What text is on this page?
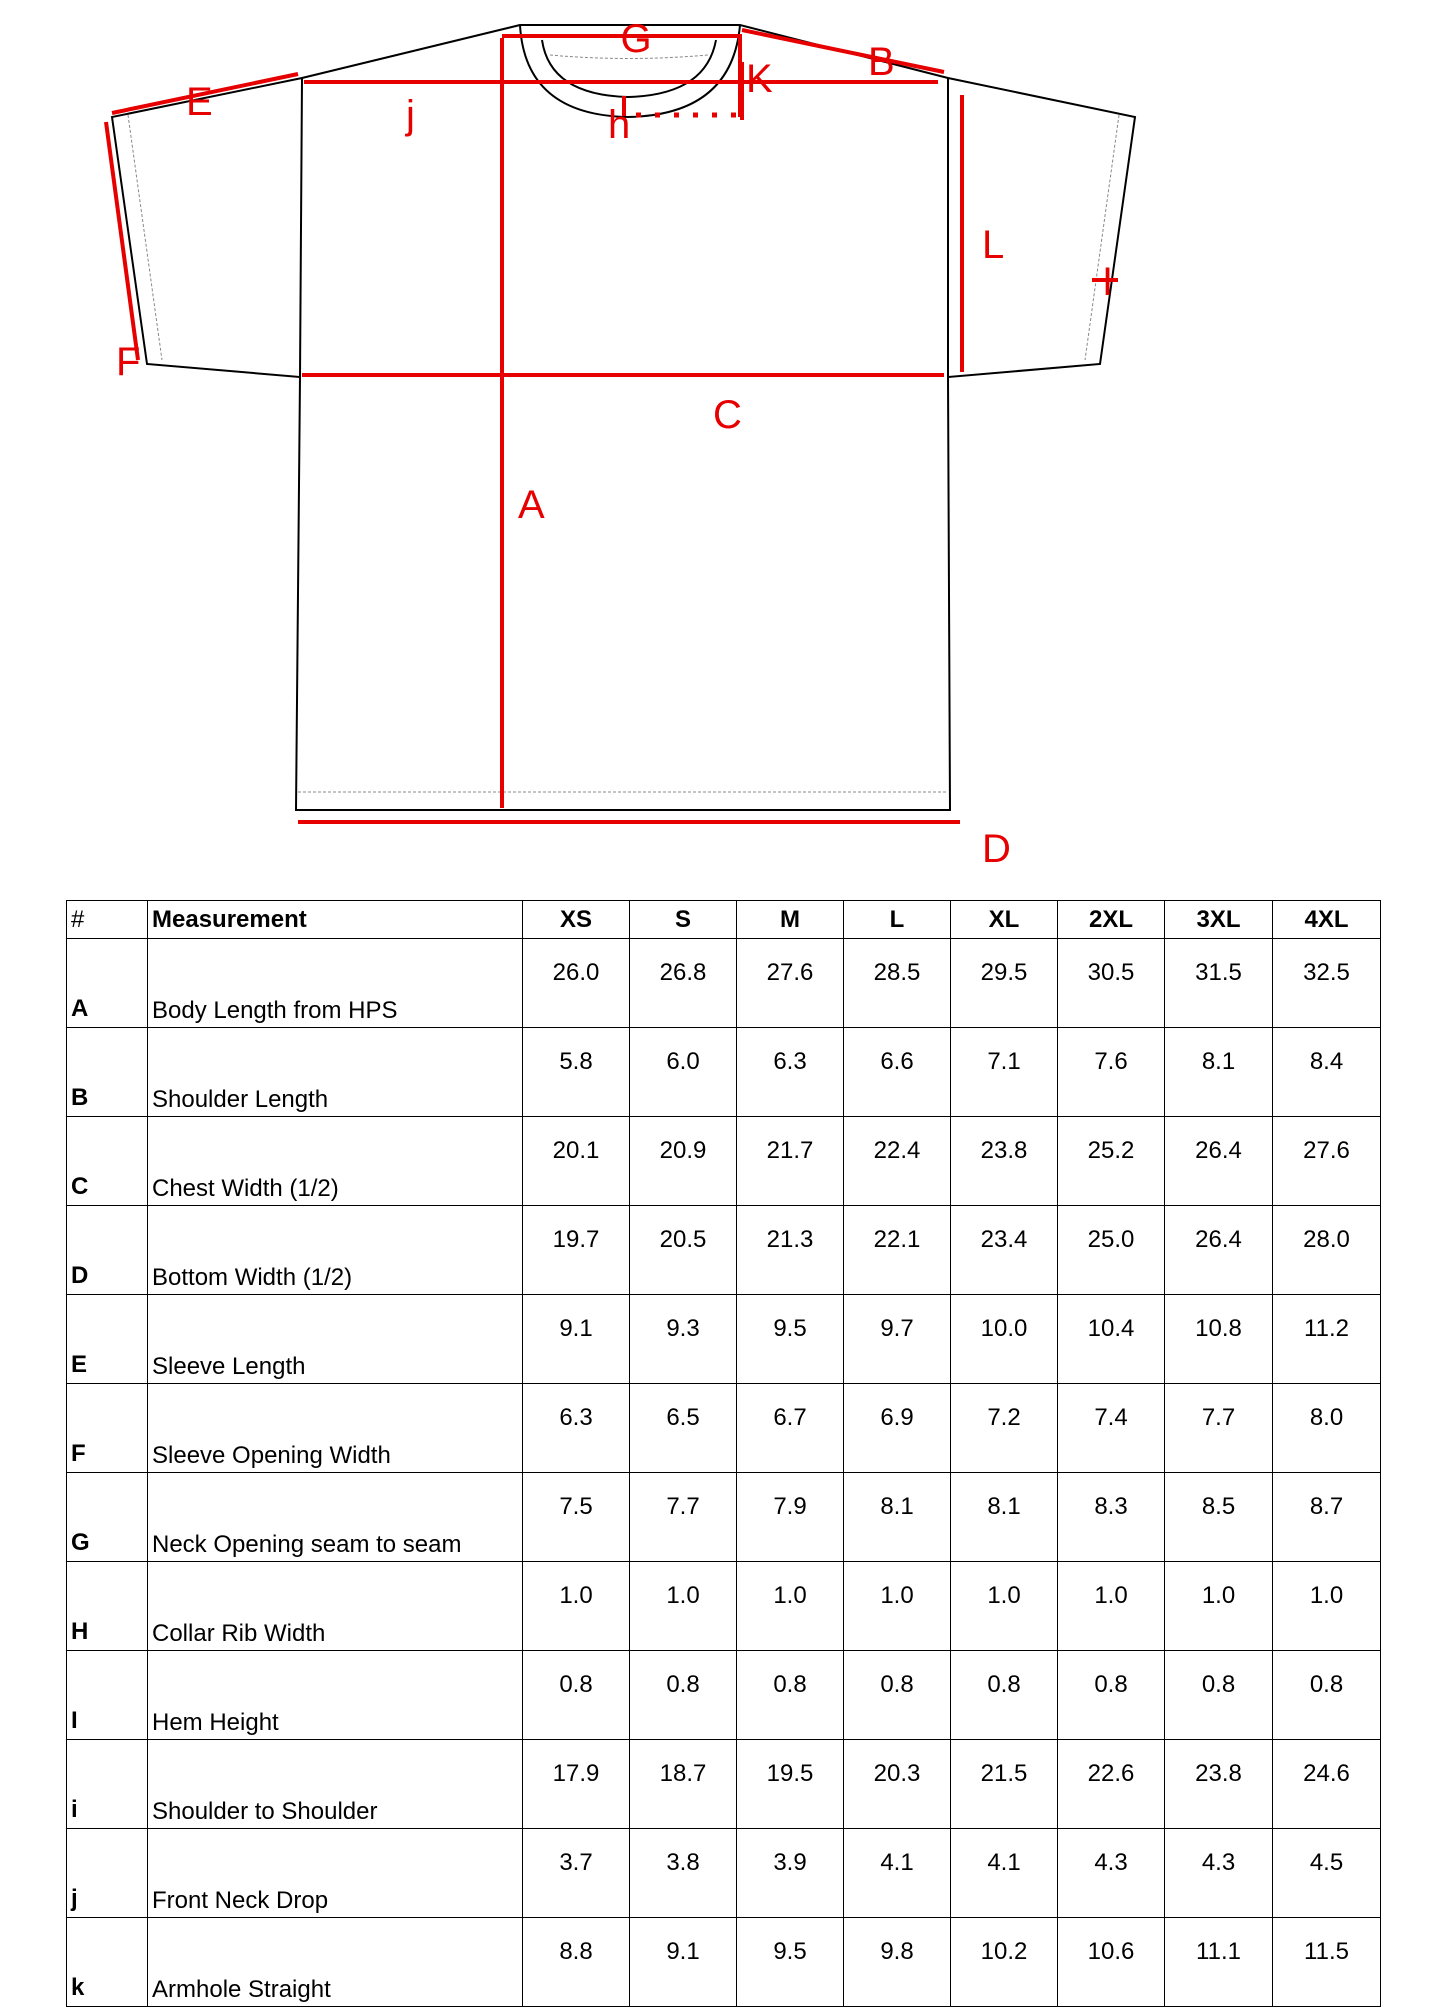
G
B
K
E	j	h
L
I
F
C
A
D
#	Measurement	XS	S	M	L	XL	2XL	3XL	4XL
A	Body Length from HPS	26.0	26.8	27.6	28.5	29.5	30.5	31.5	32.5
B	Shoulder Length	5.8	6.0	6.3	6.6	7.1	7.6	8.1	8.4
C	Chest Width (1/2)	20.1	20.9	21.7	22.4	23.8	25.2	26.4	27.6
D	Bottom Width (1/2)	19.7	20.5	21.3	22.1	23.4	25.0	26.4	28.0
E	Sleeve Length	9.1	9.3	9.5	9.7	10.0	10.4	10.8	11.2
F	Sleeve Opening Width	6.3	6.5	6.7	6.9	7.2	7.4	7.7	8.0
G	Neck Opening seam to seam	7.5	7.7	7.9	8.1	8.1	8.3	8.5	8.7
H	Collar Rib Width	1.0	1.0	1.0	1.0	1.0	1.0	1.0	1.0
I	Hem Height	0.8	0.8	0.8	0.8	0.8	0.8	0.8	0.8
i	Shoulder to Shoulder	17.9	18.7	19.5	20.3	21.5	22.6	23.8	24.6
j	Front Neck Drop	3.7	3.8	3.9	4.1	4.1	4.3	4.3	4.5
k	Armhole Straight	8.8	9.1	9.5	9.8	10.2	10.6	11.1	11.5
